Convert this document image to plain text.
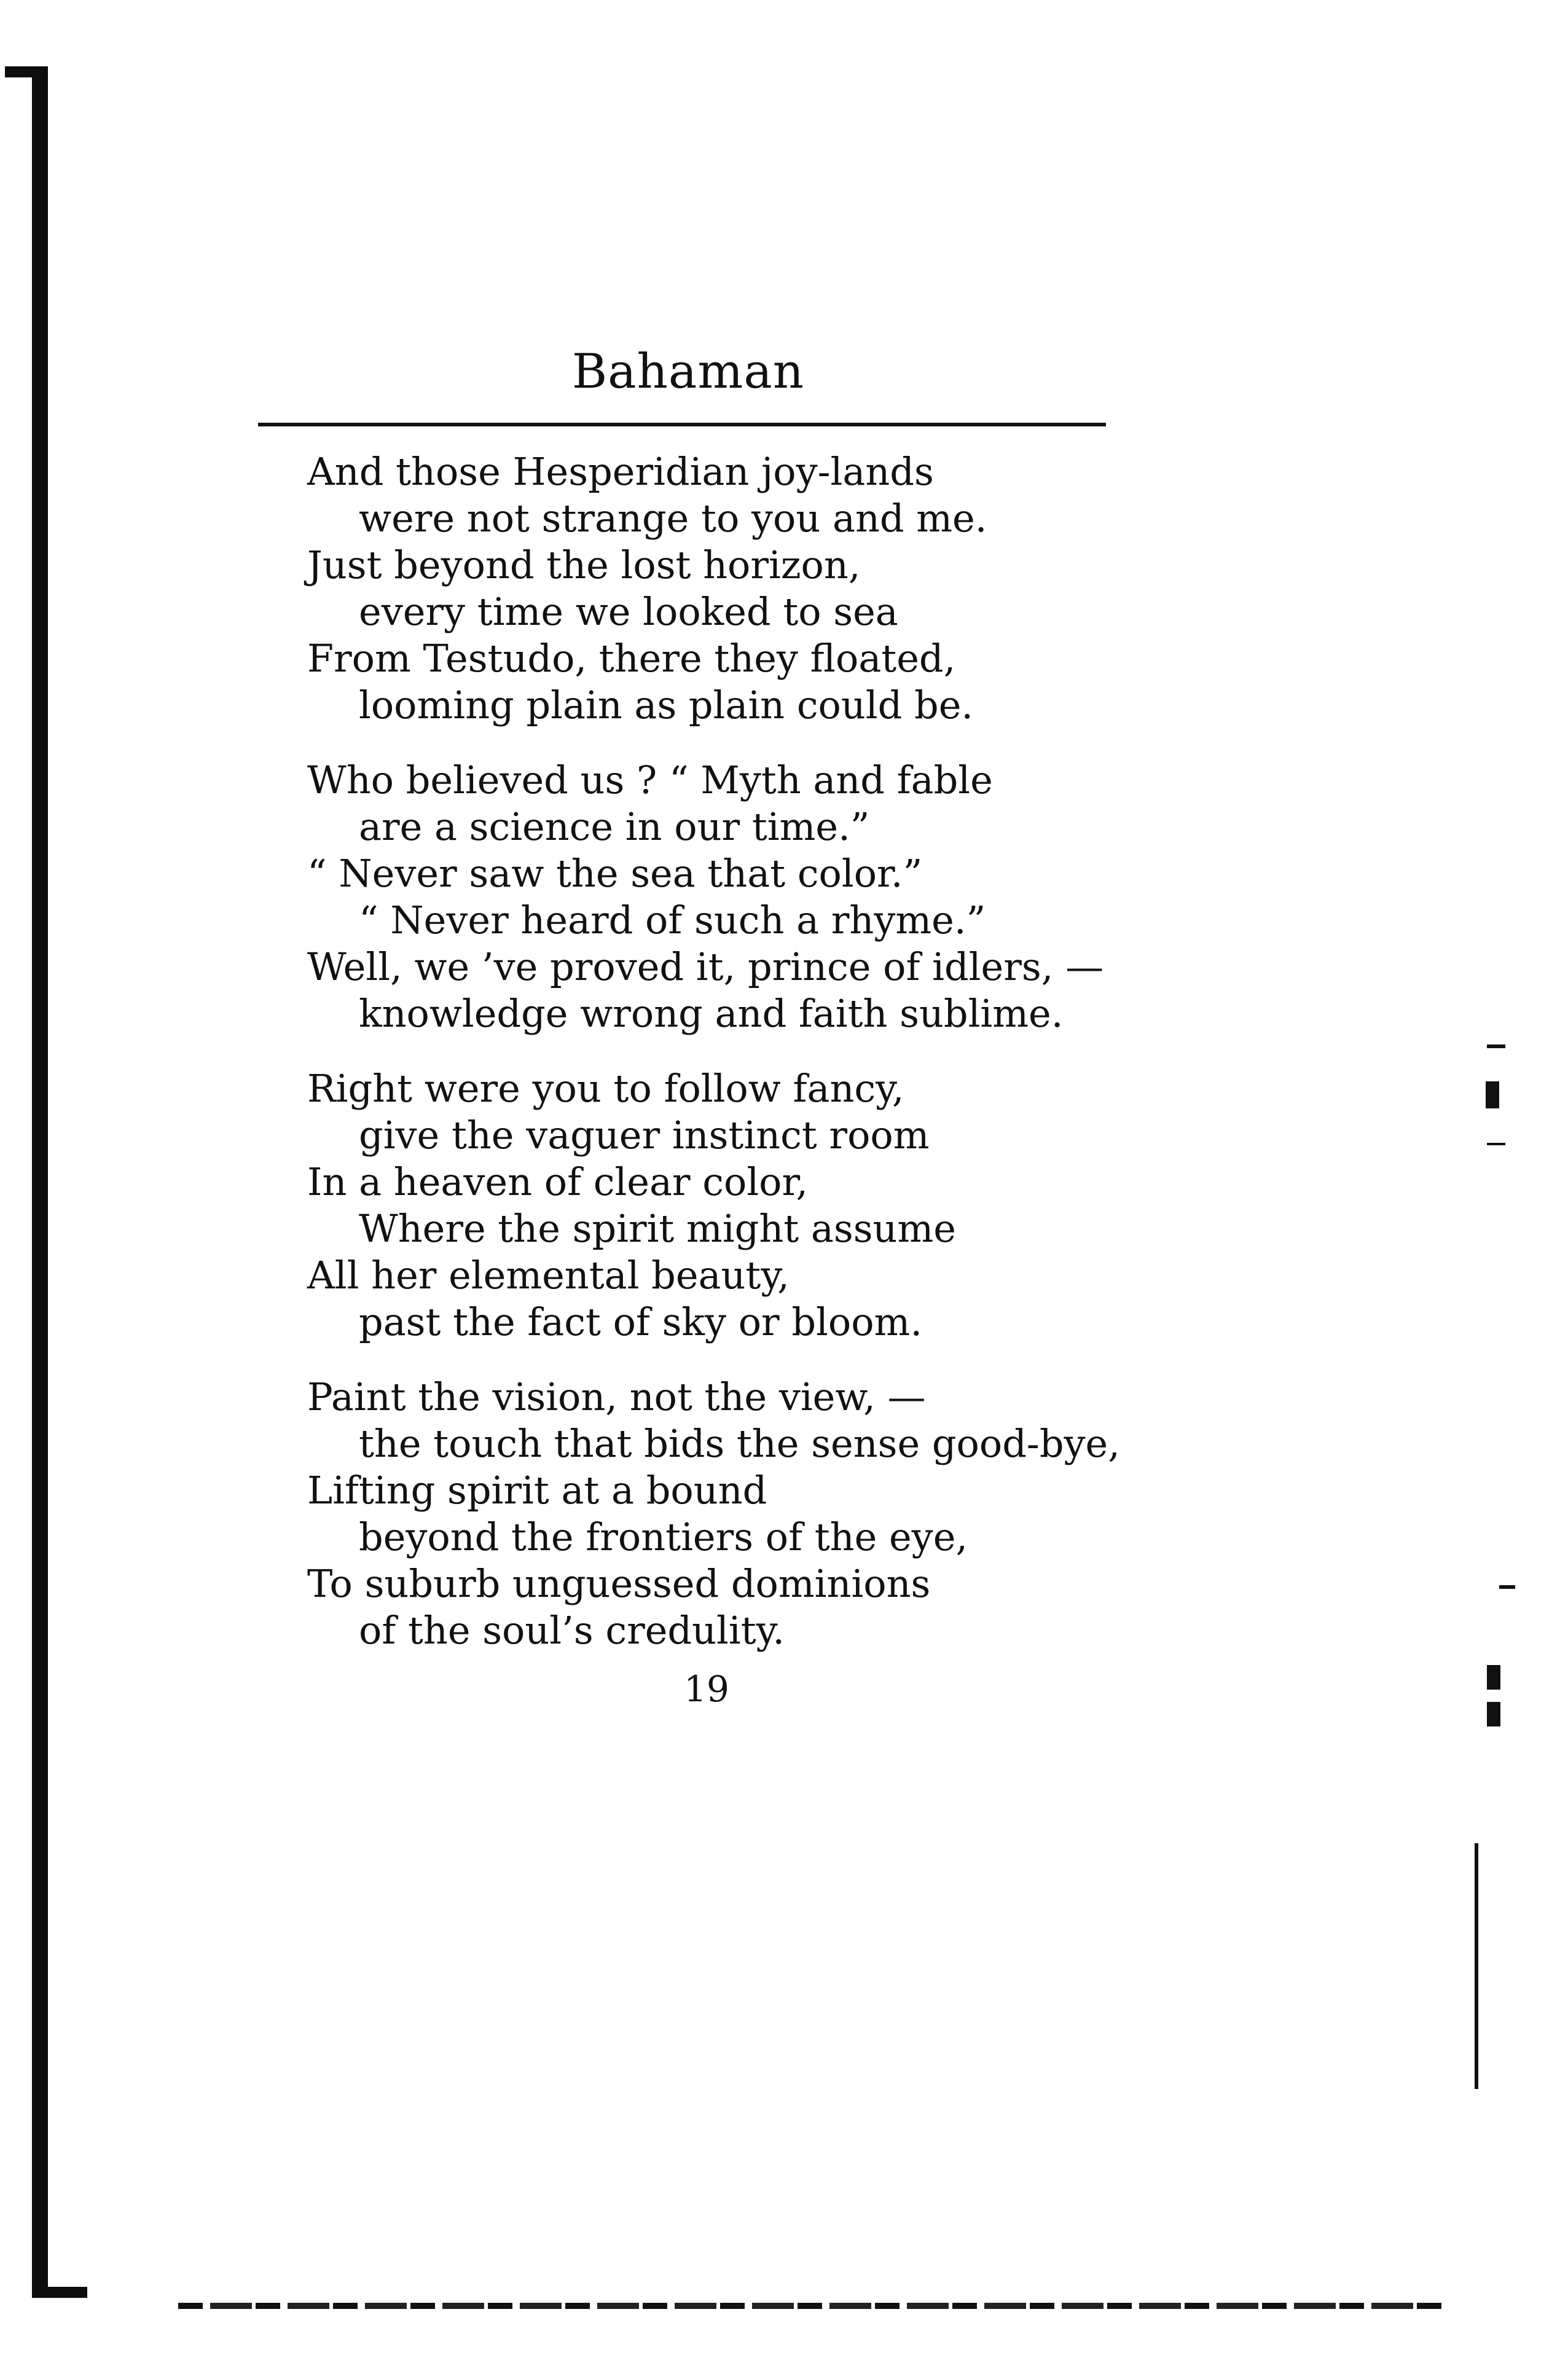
Bahaman
And those Hesperidian joy-lands
were not strange to you and me.
Just beyond the lost horizon,
every time we looked to sea
From Testudo, there they floated,
looming plain as plain could be.
Who believed us ? “ Myth and fable
are a science in our time.”
“ Never saw the sea that color.”
“ Never heard of such a rhyme.”
Well, we ’ve proved it, prince of idlers, —
knowledge wrong and faith sublime.
Right were you to follow fancy,
give the vaguer instinct room
In a heaven of clear color,
Where the spirit might assume
All her elemental beauty,
past the fact of sky or bloom.
Paint the vision, not the view, —
the touch that bids the sense good-bye,
Lifting spirit at a bound
beyond the frontiers of the eye,
To suburb unguessed dominions
of the soul’s credulity.
19
